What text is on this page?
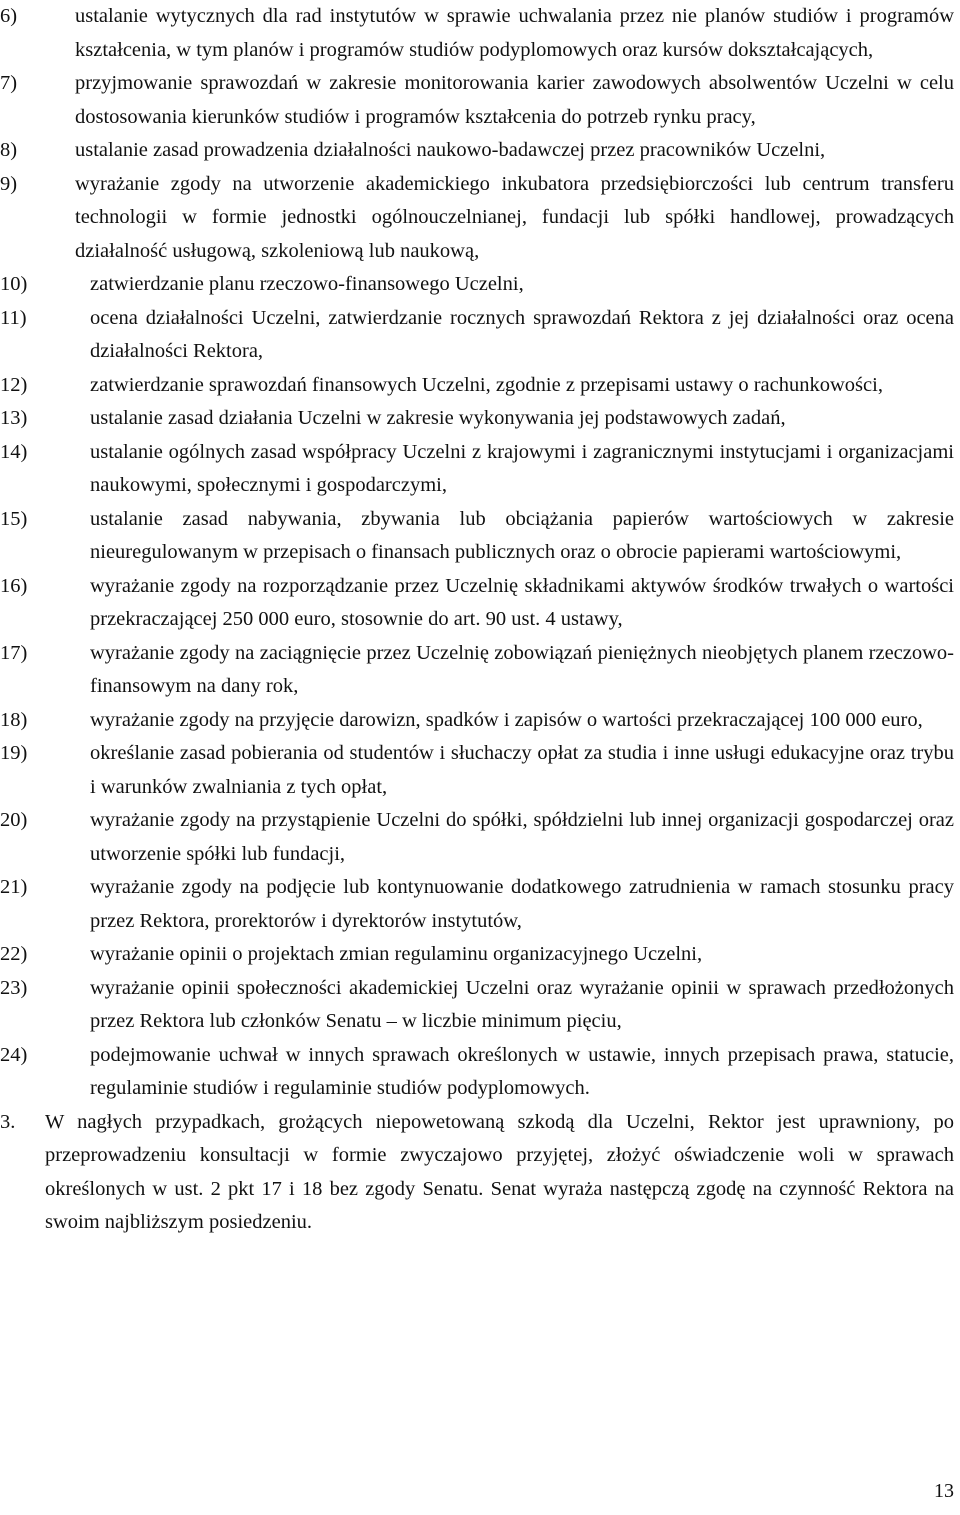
6)	ustalanie wytycznych dla rad instytutów w sprawie uchwalania przez nie planów studiów i programów kształcenia, w tym planów i programów studiów podyplomowych oraz kursów dokształcających,
7)	przyjmowanie sprawozdań w zakresie monitorowania karier zawodowych absolwentów Uczelni w celu dostosowania kierunków studiów i programów kształcenia do potrzeb rynku pracy,
8)	ustalanie zasad prowadzenia działalności naukowo-badawczej przez pracowników Uczelni,
9)	wyrażanie zgody na utworzenie akademickiego inkubatora przedsiębiorczości lub centrum transferu technologii w formie jednostki ogólnouczelnianej, fundacji lub spółki handlowej, prowadzących działalność usługową, szkoleniową lub naukową,
10)	zatwierdzanie planu rzeczowo-finansowego Uczelni,
11)	ocena działalności Uczelni, zatwierdzanie rocznych sprawozdań Rektora z jej działalności oraz ocena działalności Rektora,
12)	zatwierdzanie sprawozdań finansowych Uczelni, zgodnie z przepisami ustawy o rachunkowości,
13)	ustalanie zasad działania Uczelni w zakresie wykonywania jej podstawowych zadań,
14)	ustalanie ogólnych zasad współpracy Uczelni z krajowymi i zagranicznymi instytucjami i organizacjami naukowymi, społecznymi i gospodarczymi,
15)	ustalanie zasad nabywania, zbywania lub obciążania papierów wartościowych w zakresie nieuregulowanym w przepisach o finansach publicznych oraz o obrocie papierami wartościowymi,
16)	wyrażanie zgody na rozporządzanie przez Uczelnię składnikami aktywów środków trwałych o wartości przekraczającej 250 000 euro, stosownie do art. 90 ust. 4 ustawy,
17)	wyrażanie zgody na zaciągnięcie przez Uczelnię zobowiązań pieniężnych nieobjętych planem rzeczowo-finansowym na dany rok,
18)	wyrażanie zgody na przyjęcie darowizn, spadków i zapisów o wartości przekraczającej 100 000 euro,
19)	określanie zasad pobierania od studentów i słuchaczy opłat za studia i inne usługi edukacyjne oraz trybu i warunków zwalniania z tych opłat,
20)	wyrażanie zgody na przystąpienie Uczelni do spółki, spółdzielni lub innej organizacji gospodarczej oraz utworzenie spółki lub fundacji,
21)	wyrażanie zgody na podjęcie lub kontynuowanie dodatkowego zatrudnienia w ramach stosunku pracy przez Rektora, prorektorów i dyrektorów instytutów,
22)	wyrażanie opinii o projektach zmian regulaminu organizacyjnego Uczelni,
23)	wyrażanie opinii społeczności akademickiej Uczelni oraz wyrażanie opinii w sprawach przedłożonych przez Rektora lub członków Senatu – w liczbie minimum pięciu,
24)	podejmowanie uchwał w innych sprawach określonych w ustawie, innych przepisach prawa, statucie, regulaminie studiów i regulaminie studiów podyplomowych.
3. W nagłych przypadkach, grożących niepowetowaną szkodą dla Uczelni, Rektor jest uprawniony, po przeprowadzeniu konsultacji w formie zwyczajowo przyjętej, złożyć oświadczenie woli w sprawach określonych w ust. 2 pkt 17 i 18 bez zgody Senatu. Senat wyraża następczą zgodę na czynność Rektora na swoim najbliższym posiedzeniu.
13
